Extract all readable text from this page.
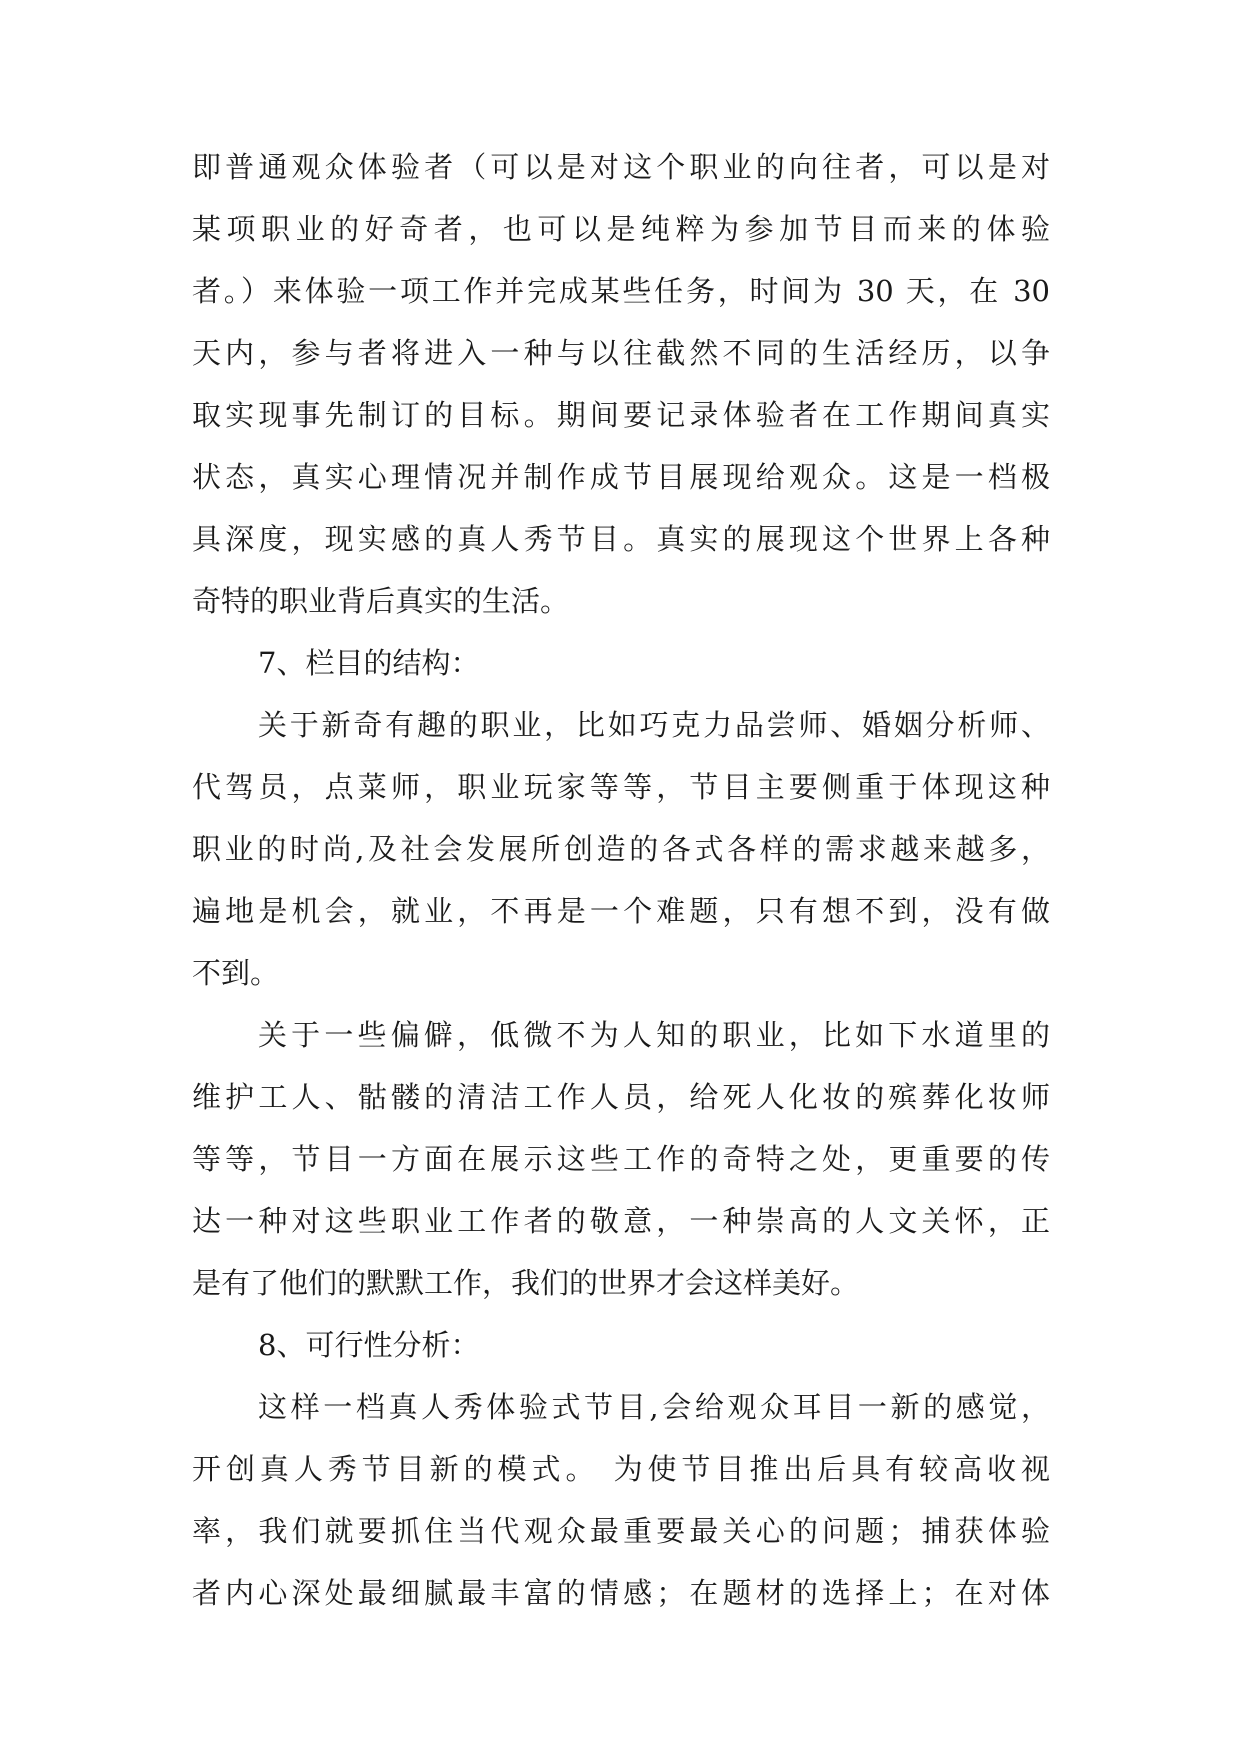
即普通观众体验者（可以是对这个职业的向往者，可以是对

某项职业的好奇者，也可以是纯粹为参加节目而来的体验

者。）来体验一项工作并完成某些任务，时间为 30 天，在 30

天内，参与者将进入一种与以往截然不同的生活经历，以争

取实现事先制订的目标。期间要记录体验者在工作期间真实

状态，真实心理情况并制作成节目展现给观众。这是一档极

具深度，现实感的真人秀节目。真实的展现这个世界上各种

奇特的职业背后真实的生活。

7、栏目的结构：

关于新奇有趣的职业，比如巧克力品尝师、婚姻分析师、

代驾员，点菜师，职业玩家等等，节目主要侧重于体现这种

职业的时尚,及社会发展所创造的各式各样的需求越来越多，

遍地是机会，就业，不再是一个难题，只有想不到，没有做

不到。

关于一些偏僻，低微不为人知的职业，比如下水道里的

维护工人、骷髅的清洁工作人员，给死人化妆的殡葬化妆师

等等，节目一方面在展示这些工作的奇特之处，更重要的传

达一种对这些职业工作者的敬意，一种崇高的人文关怀，正

是有了他们的默默工作，我们的世界才会这样美好。

8、可行性分析：

这样一档真人秀体验式节目,会给观众耳目一新的感觉，

开创真人秀节目新的模式。 为使节目推出后具有较高收视

率，我们就要抓住当代观众最重要最关心的问题；捕获体验

者内心深处最细腻最丰富的情感；在题材的选择上；在对体
